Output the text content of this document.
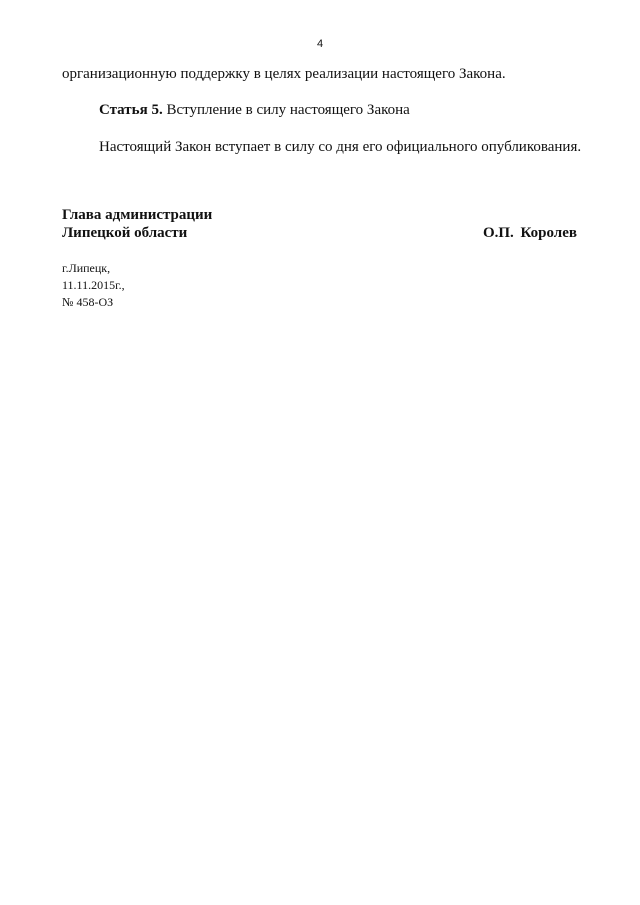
4
организационную поддержку в целях реализации настоящего Закона.
Статья 5. Вступление в силу настоящего Закона
Настоящий Закон вступает в силу со дня его официального опубликования.
Глава администрации
Липецкой области	О.П. Королев
г.Липецк,
11.11.2015г.,
№ 458-ОЗ
